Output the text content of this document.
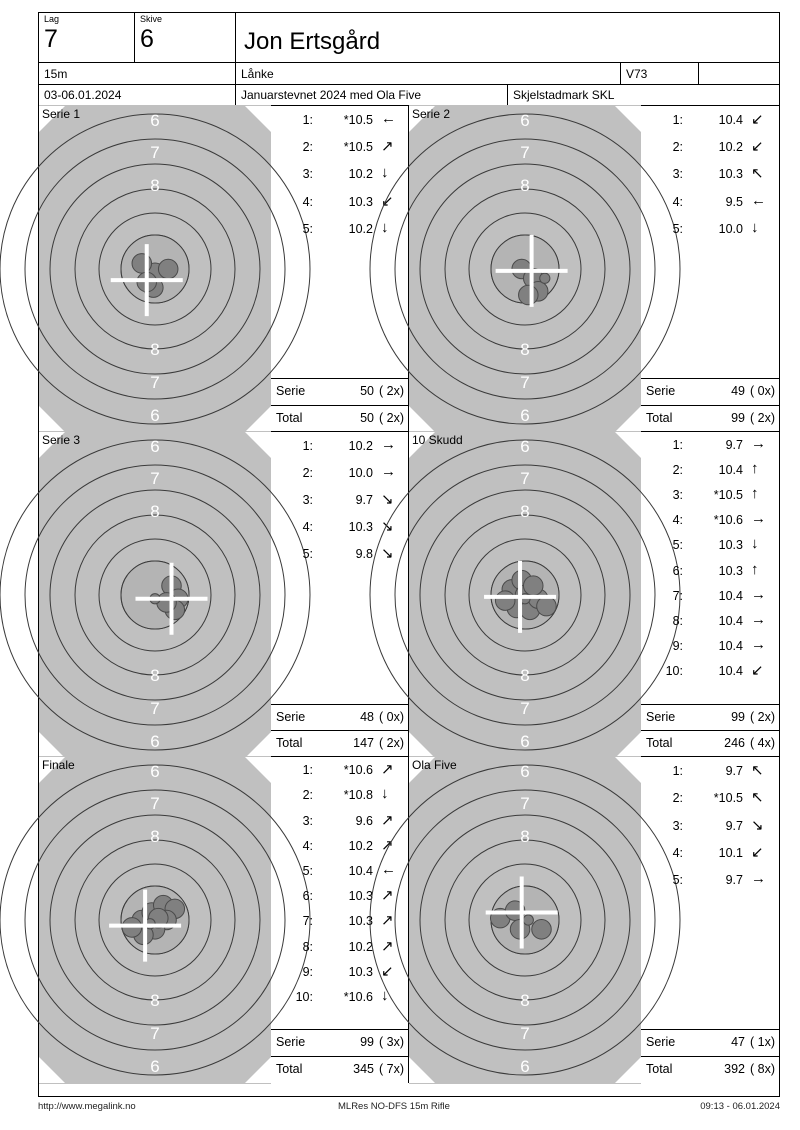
Lag
7
Skive
6	Jon Ertsgård
15m	Lånke	V73
03-06.01.2024	Januarstevnet 2024 med Ola Five	Skjelstadmark SKL
Serie 1	6
7
8
8	8
8
7
6
1:	*10.5 ←
2:	*10.5 ↗
3:	10.2 ↓
4:	10.3 ↙
5:	10.2 ↓
Serie	50 ( 2x)
Total	50 ( 2x)
Serie 2	6
7
8
8	8
8
7
6
1:	10.4 ↙
2:	10.2 ↙
3:	10.3 ↖
4:	9.5 ←
5:	10.0 ↓
Serie	49 ( 0x)
Total	99 ( 2x)
Serie 3	6
7
8
8	8
8
7
6
1:	10.2 →
2:	10.0 →
3:	9.7 ↘
4:	10.3 ↘
5:	9.8 ↘
Serie	48 ( 0x)
Total	147 ( 2x)
10 Skudd	6
7
8
8	8
8
7
6
1:	9.7 →
2:	10.4 ↑
3:	*10.5 ↑
4:	*10.6 →
5:	10.3 ↓
6:	10.3 ↑
7:	10.4 →
8:	10.4 →
9:	10.4 →
10:	10.4 ↙
Serie	99 ( 2x)
Total	246 ( 4x)
Finale	6
7
8
8	8
8
7
6
1:	*10.6 ↗
2:	*10.8 ↓
3:	9.6 ↗
4:	10.2 ↗
5:	10.4 ←
6:	10.3 ↗
7:	10.3 ↗
8:	10.2 ↗
9:	10.3 ↙
10:	*10.6 ↓
Serie	99 ( 3x)
Total	345 ( 7x)
Ola Five	6
7
8
8	8
8
7
6
1:	9.7 ↖
2:	*10.5 ↖
3:	9.7 ↘
4:	10.1 ↙
5:	9.7 →
Serie	47 ( 1x)
Total	392 ( 8x)
http://www.megalink.no	MLRes NO-DFS 15m Rifle	09:13 - 06.01.2024
